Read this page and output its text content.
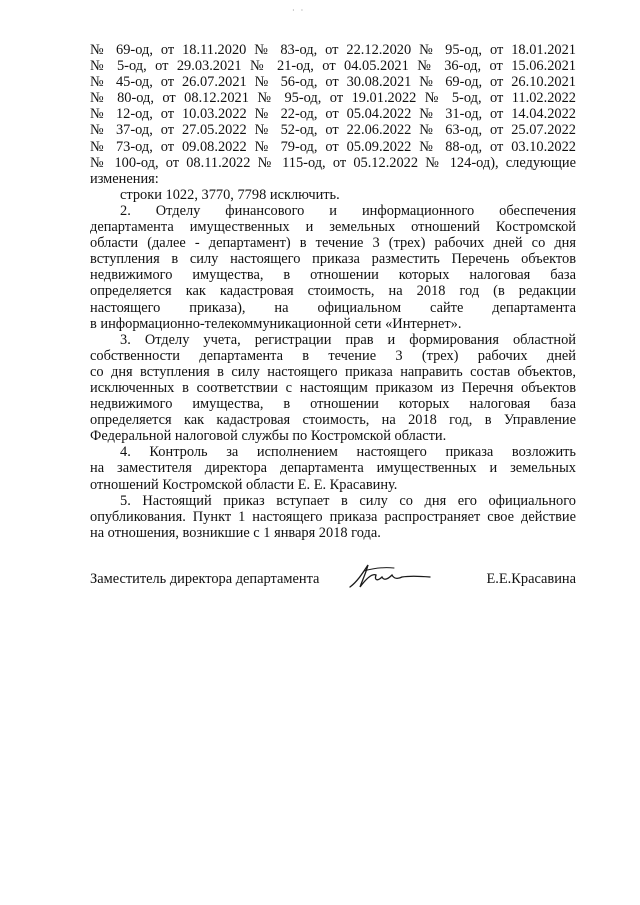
· ·
№ 69-од, от 18.11.2020 № 83-од, от 22.12.2020 № 95-од, от 18.01.2021
№ 5-од, от 29.03.2021 № 21-од, от 04.05.2021 № 36-од, от 15.06.2021
№ 45-од, от 26.07.2021 № 56-од, от 30.08.2021 № 69-од, от 26.10.2021
№ 80-од, от 08.12.2021 № 95-од, от 19.01.2022 № 5-од, от 11.02.2022
№ 12-од, от 10.03.2022 № 22-од, от 05.04.2022 № 31-од, от 14.04.2022
№ 37-од, от 27.05.2022 № 52-од, от 22.06.2022 № 63-од, от 25.07.2022
№ 73-од, от 09.08.2022 № 79-од, от 05.09.2022 № 88-од, от 03.10.2022
№ 100-од, от 08.11.2022 № 115-од, от 05.12.2022 № 124-од), следующие
изменения:
строки 1022, 3770, 7798 исключить.
2. Отделу финансового и информационного обеспечения
департамента имущественных и земельных отношений Костромской
области (далее - департамент) в течение 3 (трех) рабочих дней со дня
вступления в силу настоящего приказа разместить Перечень объектов
недвижимого имущества, в отношении которых налоговая база
определяется как кадастровая стоимость, на 2018 год (в редакции
настоящего приказа), на официальном сайте департамента
в информационно-телекоммуникационной сети «Интернет».
3. Отделу учета, регистрации прав и формирования областной
собственности департамента в течение 3 (трех) рабочих дней
со дня вступления в силу настоящего приказа направить состав объектов,
исключенных в соответствии с настоящим приказом из Перечня объектов
недвижимого имущества, в отношении которых налоговая база
определяется как кадастровая стоимость, на 2018 год, в Управление
Федеральной налоговой службы по Костромской области.
4. Контроль за исполнением настоящего приказа возложить
на заместителя директора департамента имущественных и земельных
отношений Костромской области Е. Е. Красавину.
5. Настоящий приказ вступает в силу со дня его официального
опубликования. Пункт 1 настоящего приказа распространяет свое действие
на отношения, возникшие с 1 января 2018 года.
Заместитель директора департамента	Е.Е.Красавина
